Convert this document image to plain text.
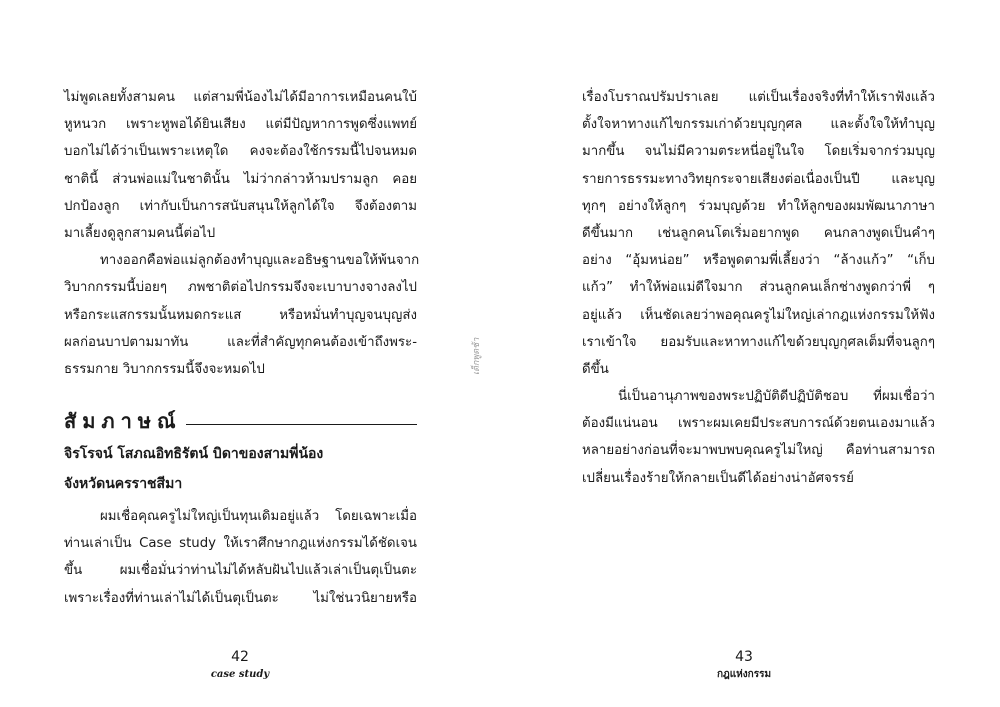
ไม่พูดเลยทั้งสามคน แต่สามพี่น้องไม่ได้มีอาการเหมือนคนใบ้
หูหนวก เพราะหูพอได้ยินเสียง แต่มีปัญหาการพูดซึ่งแพทย์
บอกไม่ได้ว่าเป็นเพราะเหตุใด คงจะต้องใช้กรรมนี้ไปจนหมด
ชาตินี้ ส่วนพ่อแม่ในชาตินั้น ไม่ว่ากล่าวห้ามปรามลูก คอย
ปกป้องลูก เท่ากับเป็นการสนับสนุนให้ลูกได้ใจ จึงต้องตาม
มาเลี้ยงดูลูกสามคนนี้ต่อไป
ทางออกคือพ่อแม่ลูกต้องทำบุญและอธิษฐานขอให้พ้นจาก
วิบากกรรมนี้บ่อยๆ ภพชาติต่อไปกรรมจึงจะเบาบางจางลงไป
หรือกระแสกรรมนั้นหมดกระแส หรือหมั่นทำบุญจนบุญส่ง
ผลก่อนบาปตามมาทัน และที่สำคัญทุกคนต้องเข้าถึงพระ-
ธรรมกาย วิบากกรรมนี้จึงจะหมดไป
สัมภาษณ์
จิรโรจน์ โสภณอิทธิรัตน์ บิดาของสามพี่น้อง
จังหวัดนครราชสีมา
ผมเชื่อคุณครูไม่ใหญ่เป็นทุนเดิมอยู่แล้ว โดยเฉพาะเมื่อ
ท่านเล่าเป็น Case study ให้เราศึกษากฎแห่งกรรมได้ชัดเจน
ขึ้น ผมเชื่อมั่นว่าท่านไม่ได้หลับฝันไปแล้วเล่าเป็นตุเป็นตะ
เพราะเรื่องที่ท่านเล่าไม่ได้เป็นตุเป็นตะ ไม่ใช่นวนิยายหรือ
42
case study
เรื่องโบราณปรัมปราเลย แต่เป็นเรื่องจริงที่ทำให้เราฟังแล้ว
ตั้งใจหาทางแก้ไขกรรมเก่าด้วยบุญกุศล และตั้งใจให้ทำบุญ
มากขึ้น จนไม่มีความตระหนี่อยู่ในใจ โดยเริ่มจากร่วมบุญ
รายการธรรมะทางวิทยุกระจายเสียงต่อเนื่องเป็นปี และบุญ
ทุกๆ อย่างให้ลูกๆ ร่วมบุญด้วย ทำให้ลูกของผมพัฒนาภาษา
ดีขึ้นมาก เช่นลูกคนโตเริ่มอยากพูด คนกลางพูดเป็นคำๆ
อย่าง “อุ้มหน่อย” หรือพูดตามพี่เลี้ยงว่า “ล้างแก้ว” “เก็บ
แก้ว” ทำให้พ่อแม่ดีใจมาก ส่วนลูกคนเล็กช่างพูดกว่าพี่ ๆ
อยู่แล้ว เห็นชัดเลยว่าพอคุณครูไม่ใหญ่เล่ากฎแห่งกรรมให้ฟัง
เราเข้าใจ ยอมรับและหาทางแก้ไขด้วยบุญกุศลเต็มที่จนลูกๆ
ดีขึ้น
นี่เป็นอานุภาพของพระปฏิบัติดีปฏิบัติชอบ ที่ผมเชื่อว่า
ต้องมีแน่นอน เพราะผมเคยมีประสบการณ์ด้วยตนเองมาแล้ว
หลายอย่างก่อนที่จะมาพบพบคุณครูไม่ใหญ่ คือท่านสามารถ
เปลี่ยนเรื่องร้ายให้กลายเป็นดีได้อย่างน่าอัศจรรย์
43
กฎแห่งกรรม
เด็กพูดช้า
